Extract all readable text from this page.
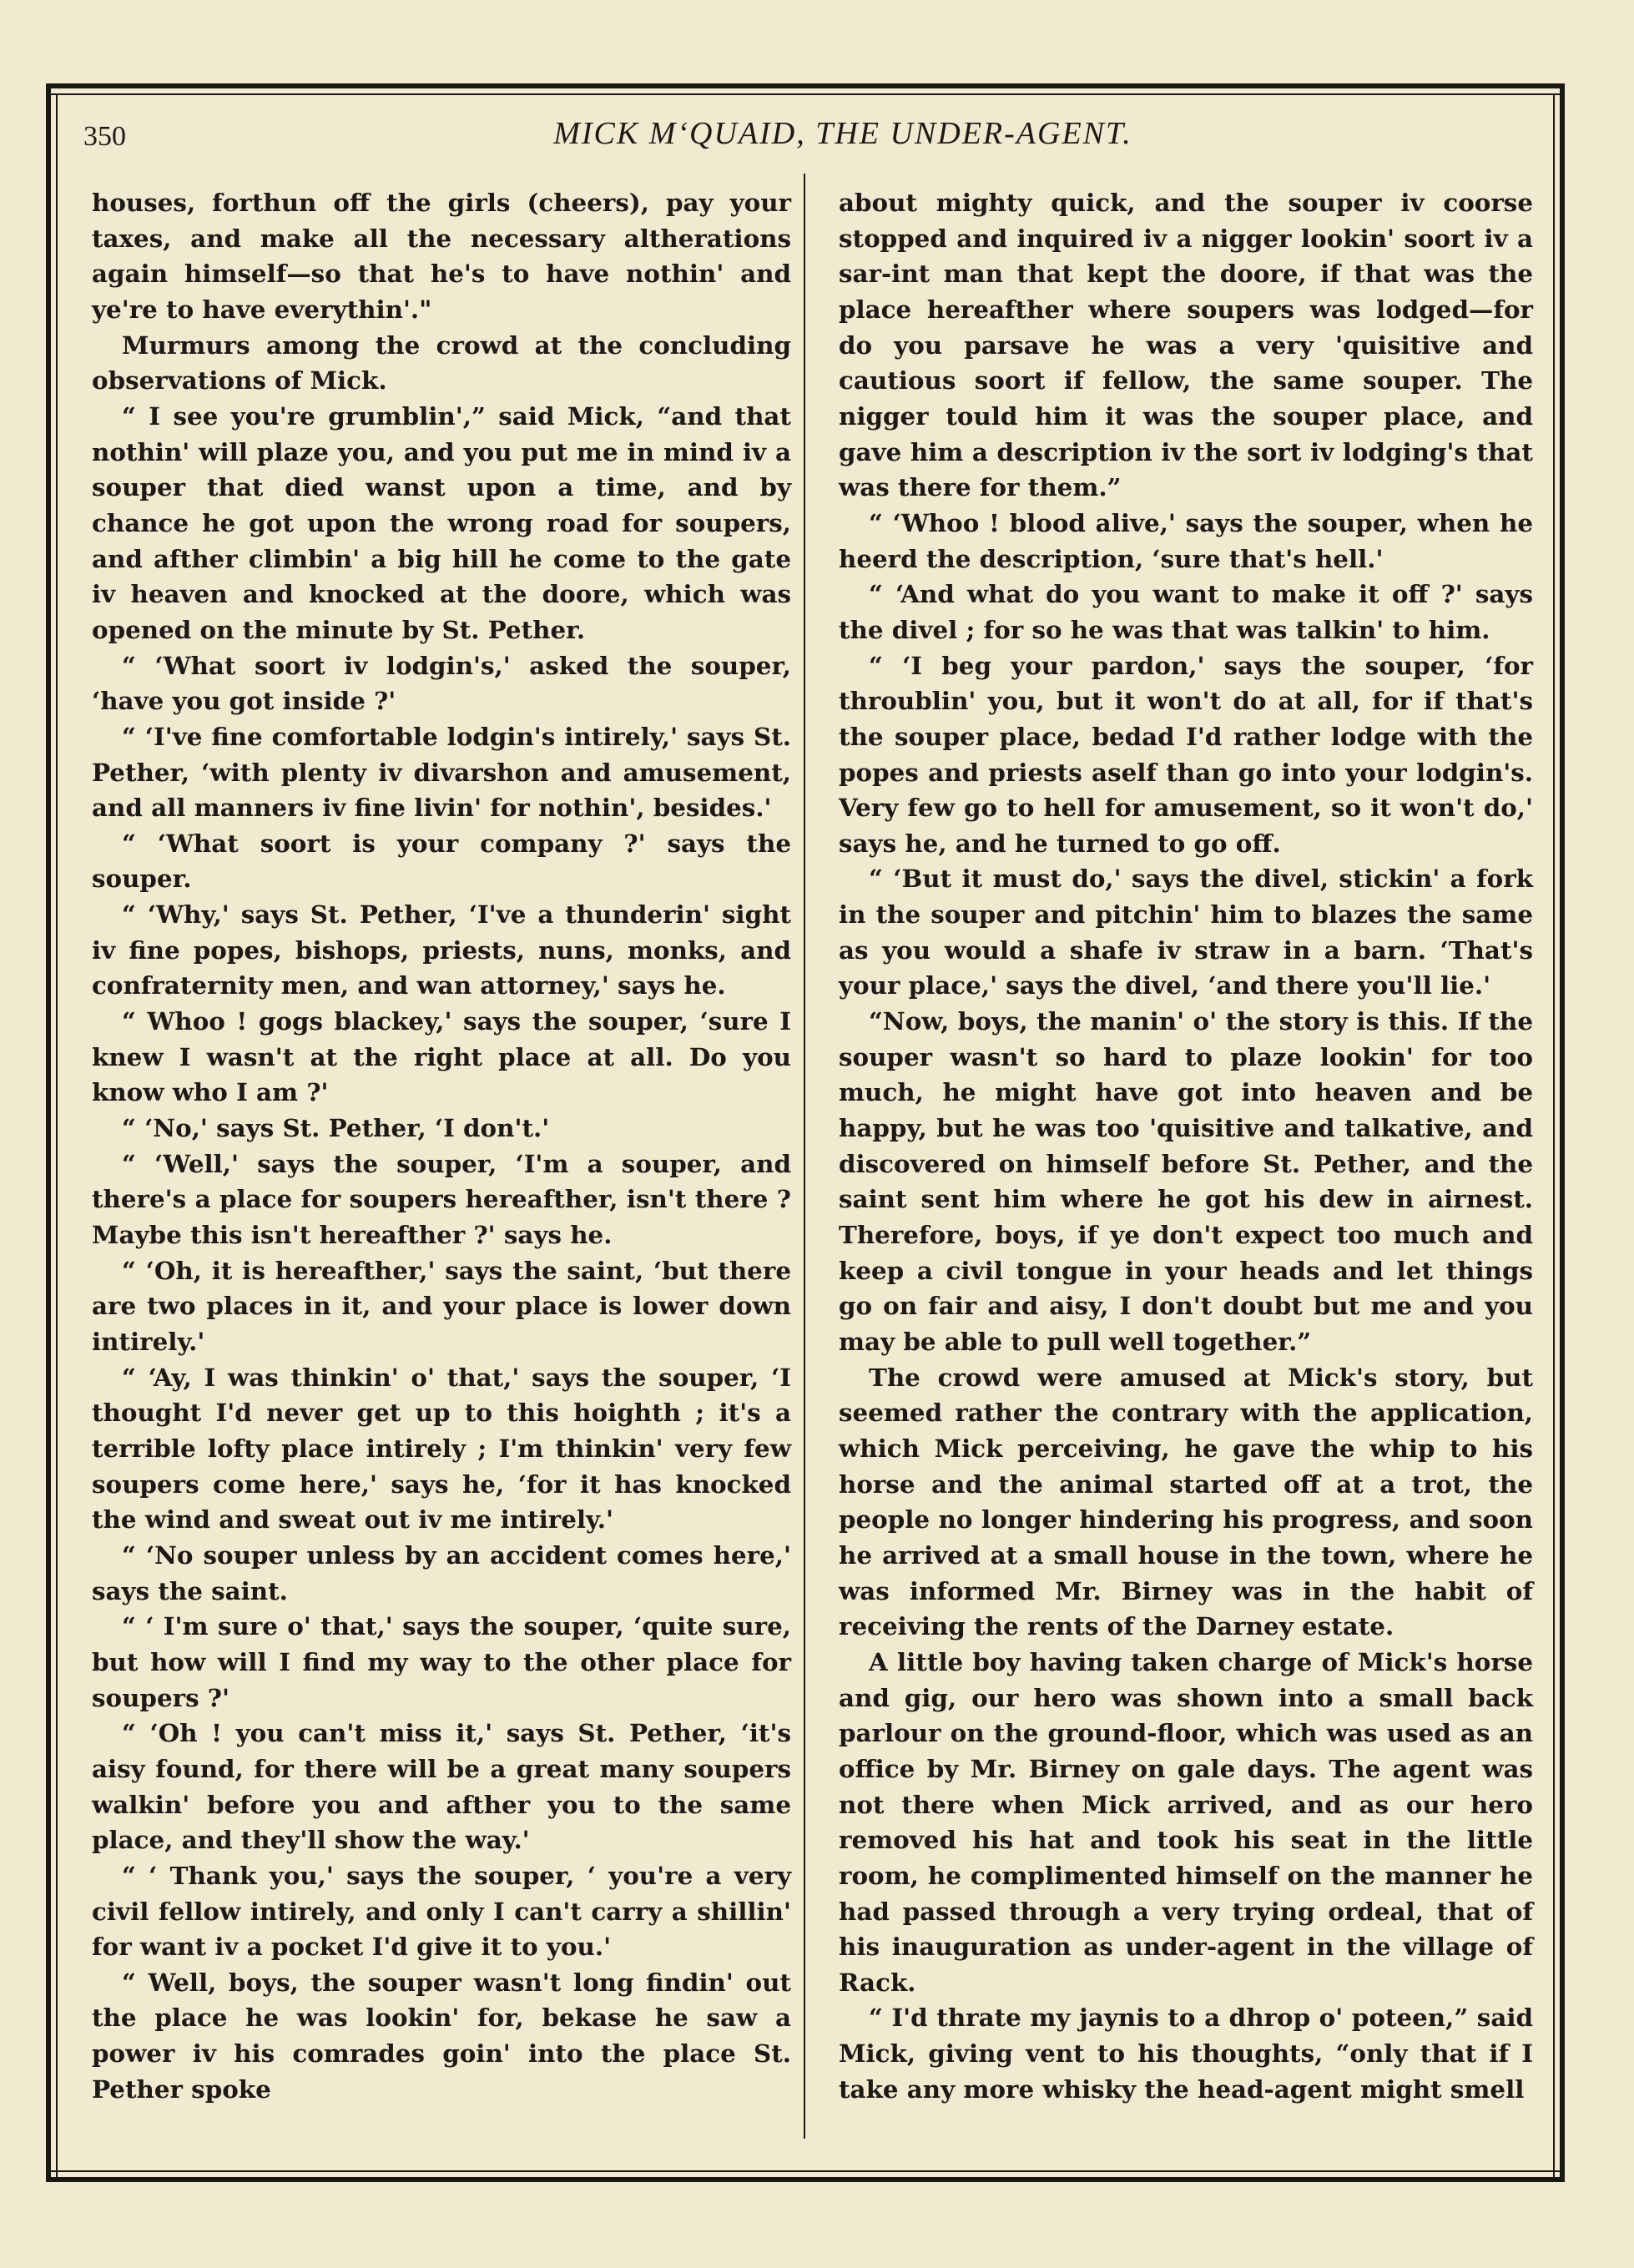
350	MICK M‘QUAID, THE UNDER-AGENT.

houses, forthun off the girls (cheers), pay your taxes, and make all the necessary altherations again himself—so that he's to have nothin' and ye're to have everythin'."

Murmurs among the crowd at the concluding observations of Mick.

“ I see you're grumblin',” said Mick, “and that nothin' will plaze you, and you put me in mind iv a souper that died wanst upon a time, and by chance he got upon the wrong road for soupers, and afther climbin' a big hill he come to the gate iv heaven and knocked at the doore, which was opened on the minute by St. Pether.

“ ‘What soort iv lodgin's,' asked the souper, ‘have you got inside ?'

“ ‘I've fine comfortable lodgin's intirely,' says St. Pether, ‘with plenty iv divarshon and amusement, and all manners iv fine livin' for nothin', besides.'

“ ‘What soort is your company ?' says the souper.

“ ‘Why,' says St. Pether, ‘I've a thunderin' sight iv fine popes, bishops, priests, nuns, monks, and confraternity men, and wan attorney,' says he.

“ Whoo ! gogs blackey,' says the souper, ‘sure I knew I wasn't at the right place at all. Do you know who I am ?'

“ ‘No,' says St. Pether, ‘I don't.'

“ ‘Well,' says the souper, ‘I'm a souper, and there's a place for soupers hereafther, isn't there ? Maybe this isn't hereafther ?' says he.

“ ‘Oh, it is hereafther,' says the saint, ‘but there are two places in it, and your place is lower down intirely.'

“ ‘Ay, I was thinkin' o' that,' says the souper, ‘I thought I'd never get up to this hoighth ; it's a terrible lofty place intirely ; I'm thinkin' very few soupers come here,' says he, ‘for it has knocked the wind and sweat out iv me intirely.'

“ ‘No souper unless by an accident comes here,' says the saint.

“ ‘ I'm sure o' that,' says the souper, ‘quite sure, but how will I find my way to the other place for soupers ?'

“ ‘Oh ! you can't miss it,' says St. Pether, ‘it's aisy found, for there will be a great many soupers walkin' before you and afther you to the same place, and they'll show the way.'

“ ‘ Thank you,' says the souper, ‘ you're a very civil fellow intirely, and only I can't carry a shillin' for want iv a pocket I'd give it to you.'

“ Well, boys, the souper wasn't long findin' out the place he was lookin' for, bekase he saw a power iv his comrades goin' into the place St. Pether spoke

about mighty quick, and the souper iv coorse stopped and inquired iv a nigger lookin' soort iv a sar-int man that kept the doore, if that was the place hereafther where soupers was lodged—for do you parsave he was a very 'quisitive and cautious soort if fellow, the same souper. The nigger tould him it was the souper place, and gave him a description iv the sort iv lodging's that was there for them.”

“ ‘Whoo ! blood alive,' says the souper, when he heerd the description, ‘sure that's hell.'

“ ‘And what do you want to make it off ?' says the divel ; for so he was that was talkin' to him.

“ ‘I beg your pardon,' says the souper, ‘for throublin' you, but it won't do at all, for if that's the souper place, bedad I'd rather lodge with the popes and priests aself than go into your lodgin's. Very few go to hell for amusement, so it won't do,' says he, and he turned to go off.

“ ‘But it must do,' says the divel, stickin' a fork in the souper and pitchin' him to blazes the same as you would a shafe iv straw in a barn. ‘That's your place,' says the divel, ‘and there you'll lie.'

“Now, boys, the manin' o' the story is this. If the souper wasn't so hard to plaze lookin' for too much, he might have got into heaven and be happy, but he was too 'quisitive and talkative, and discovered on himself before St. Pether, and the saint sent him where he got his dew in airnest. Therefore, boys, if ye don't expect too much and keep a civil tongue in your heads and let things go on fair and aisy, I don't doubt but me and you may be able to pull well together.”

The crowd were amused at Mick's story, but seemed rather the contrary with the application, which Mick perceiving, he gave the whip to his horse and the animal started off at a trot, the people no longer hindering his progress, and soon he arrived at a small house in the town, where he was informed Mr. Birney was in the habit of receiving the rents of the Darney estate.

A little boy having taken charge of Mick's horse and gig, our hero was shown into a small back parlour on the ground-floor, which was used as an office by Mr. Birney on gale days. The agent was not there when Mick arrived, and as our hero removed his hat and took his seat in the little room, he complimented himself on the manner he had passed through a very trying ordeal, that of his inauguration as under-agent in the village of Rack.

“ I'd thrate my jaynis to a dhrop o' poteen,” said Mick, giving vent to his thoughts, “only that if I take any more whisky the head-agent might smell
